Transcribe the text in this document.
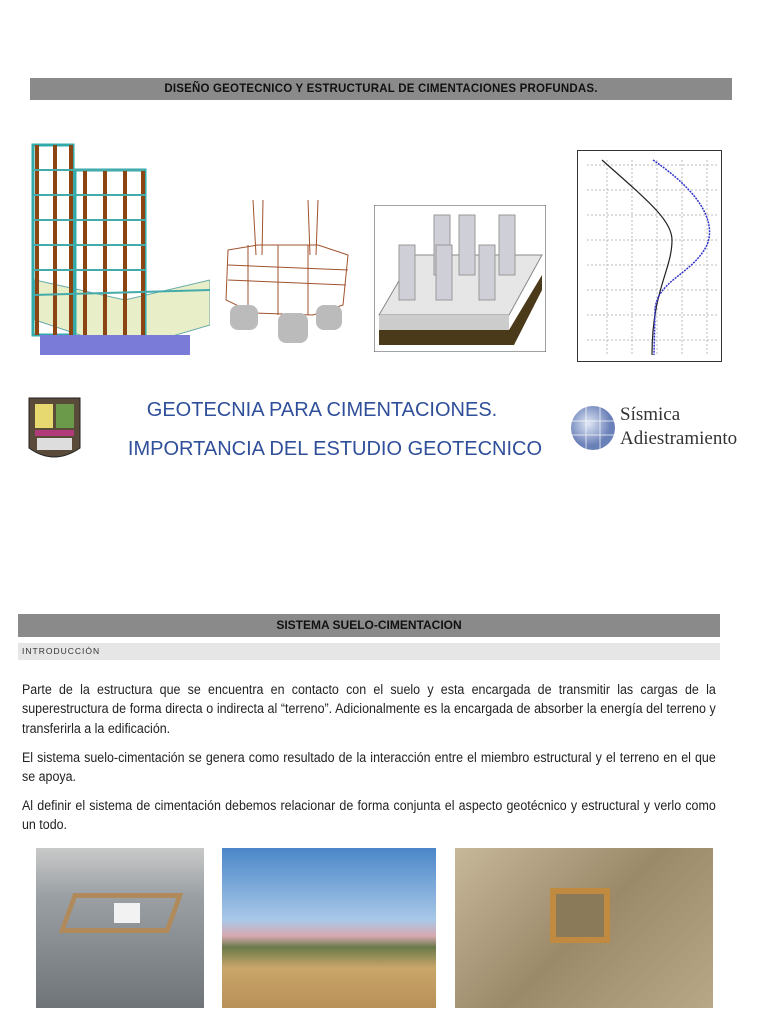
DISEÑO GEOTECNICO Y ESTRUCTURAL DE CIMENTACIONES PROFUNDAS.
GEOTECNIA PARA CIMENTACIONES.
IMPORTANCIA DEL ESTUDIO GEOTECNICO
Sísmica
Adiestramiento
SISTEMA SUELO-CIMENTACION
INTRODUCCIÓN

Parte de la estructura que se encuentra en contacto con el suelo y esta encargada de transmitir las cargas de la superestructura de forma directa o indirecta al “terreno”. Adicionalmente es la encargada de absorber la energía del terreno y transferirla a la edificación.

El sistema suelo-cimentación se genera como resultado de la interacción entre el miembro estructural y el terreno en el que se apoya.

Al definir el sistema de cimentación debemos relacionar de forma conjunta el aspecto geotécnico y estructural y verlo como un todo.
